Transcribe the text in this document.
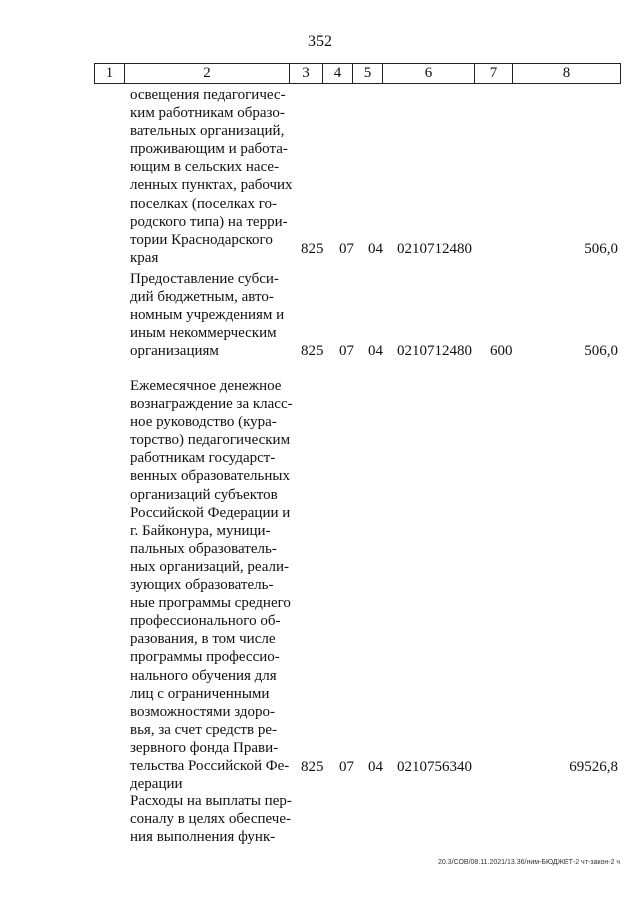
352
1	2	3	4	5	6	7	8
освещения педагогичес-
ким работникам образо-
вательных организаций,
проживающим и работа-
ющим в сельских насе-
ленных пунктах, рабочих
поселках (поселках го-
родского типа) на терри-
тории Краснодарского
края
825 07 04 0210712480	506,0
Предоставление субси-
дий бюджетным, авто-
номным учреждениям и
иным некоммерческим
организациям	825 07 04 0210712480 600	506,0
Ежемесячное денежное
вознаграждение за класс-
ное руководство (кура-
торство) педагогическим
работникам государст-
венных образовательных
организаций субъектов
Российской Федерации и
г. Байконура, муници-
пальных образователь-
ных организаций, реали-
зующих образователь-
ные программы среднего
профессионального об-
разования, в том числе
программы профессио-
нального обучения для
лиц с ограниченными
возможностями здоро-
вья, за счет средств ре-
зервного фонда Прави-
тельства Российской Фе-
дерации
825 07 04 0210756340	69526,8
Расходы на выплаты пер-
соналу в целях обеспече-
ния выполнения функ-
20.3/СОВ/08.11.2021/13.36/ним-БЮДЖЕТ-2 чт-закон-2 ч
